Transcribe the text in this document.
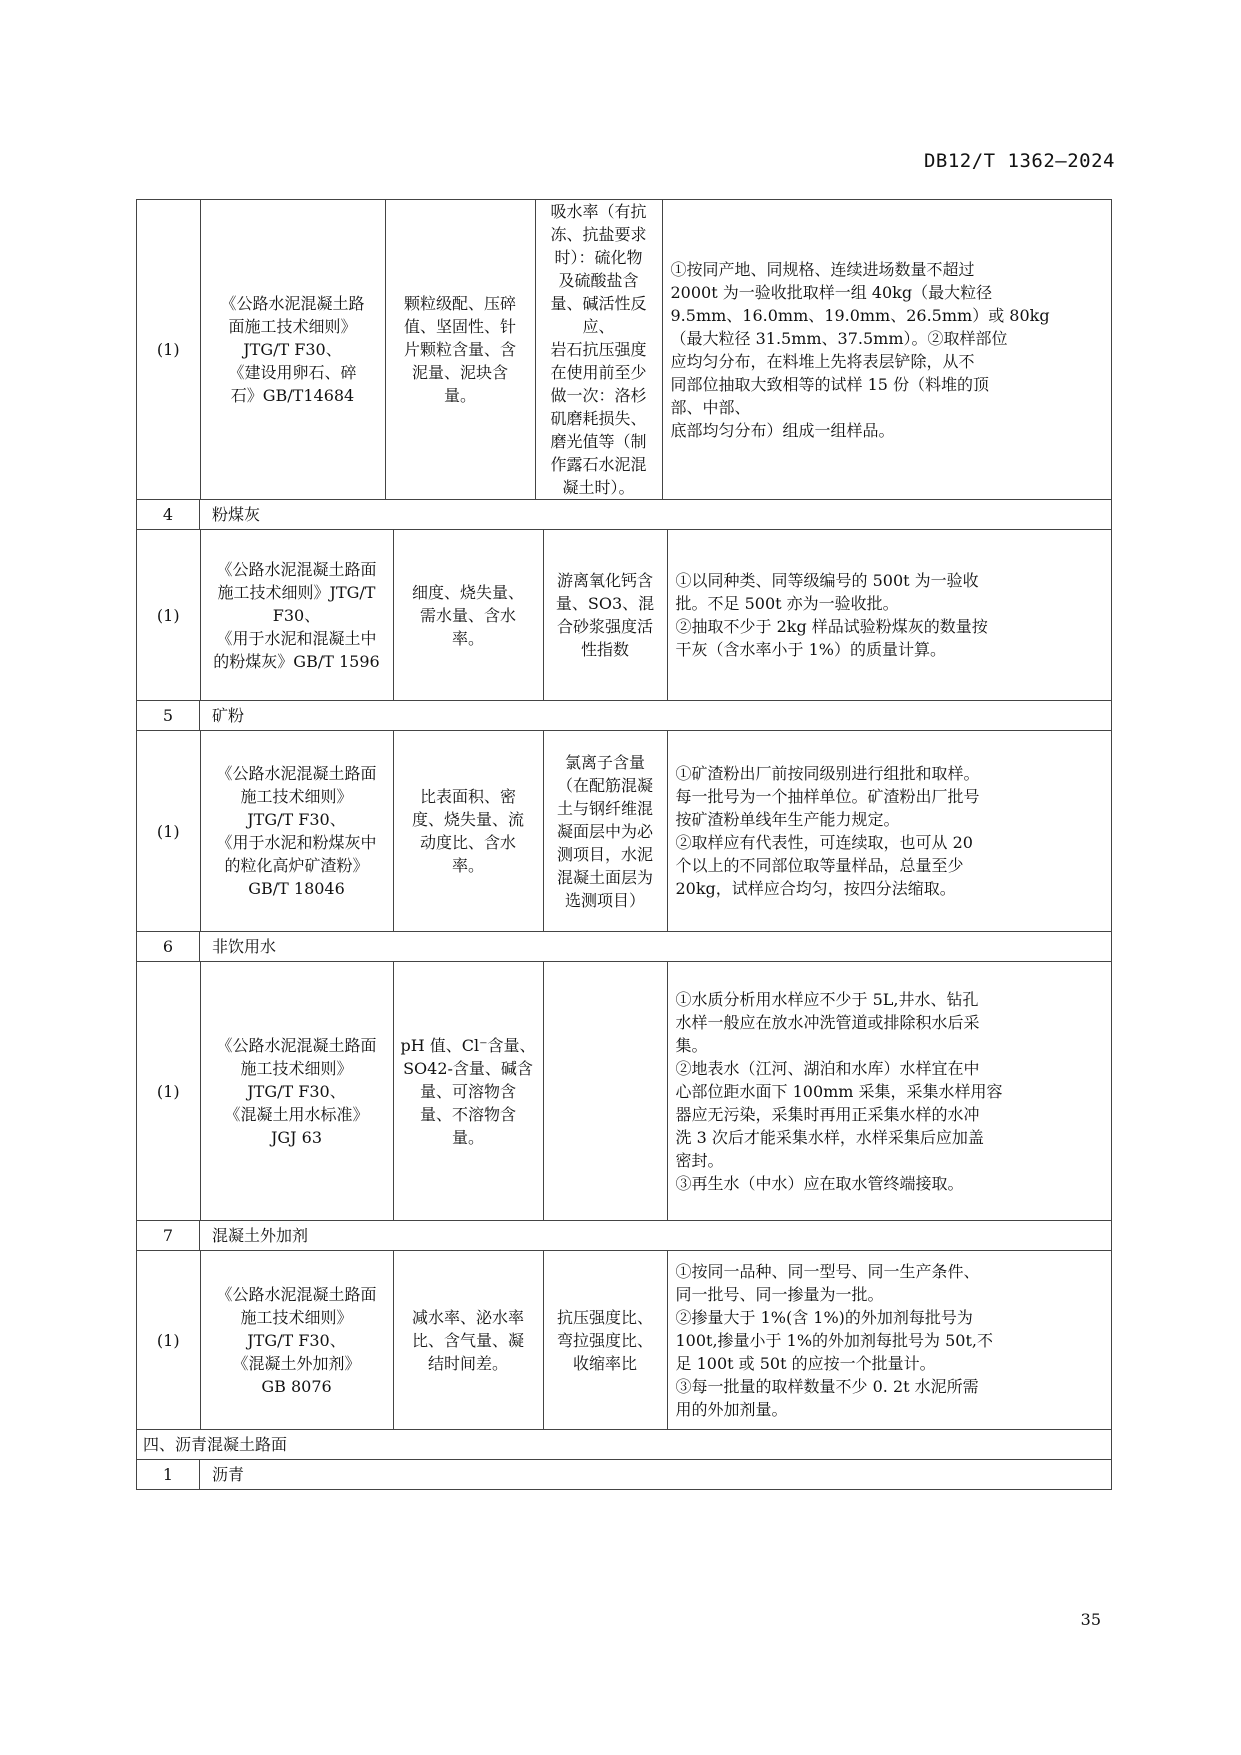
DB12/T 1362—2024
(1)	《公路水泥混凝土路
面施工技术细则》
JTG/T F30、
《建设用卵石、碎
石》GB/T14684	颗粒级配、压碎
值、坚固性、针
片颗粒含量、含
泥量、泥块含
量。	吸水率（有抗
冻、抗盐要求
时）：硫化物
及硫酸盐含
量、碱活性反
应、
岩石抗压强度
在使用前至少
做一次：洛杉
矶磨耗损失、
磨光值等（制
作露石水泥混
凝土时）。	①按同产地、同规格、连续进场数量不超过
2000t 为一验收批取样一组 40kg（最大粒径
9.5mm、16.0mm、19.0mm、26.5mm）或 80kg
（最大粒径 31.5mm、37.5mm）。②取样部位
应均匀分布，在料堆上先将表层铲除，从不
同部位抽取大致相等的试样 15 份（料堆的顶
部、中部、
底部均匀分布）组成一组样品。

4	粉煤灰

(1)	《公路水泥混凝土路面
施工技术细则》JTG/T
F30、
《用于水泥和混凝土中
的粉煤灰》GB/T 1596	细度、烧失量、
需水量、含水
率。	游离氧化钙含
量、SO3、混
合砂浆强度活
性指数	①以同种类、同等级编号的 500t 为一验收
批。不足 500t 亦为一验收批。
②抽取不少于 2kg 样品试验粉煤灰的数量按
干灰（含水率小于 1%）的质量计算。

5	矿粉

(1)	《公路水泥混凝土路面
施工技术细则》
JTG/T F30、
《用于水泥和粉煤灰中
的粒化高炉矿渣粉》
GB/T 18046	比表面积、密
度、烧失量、流
动度比、含水
率。	氯离子含量
（在配筋混凝
土与钢纤维混
凝面层中为必
测项目，水泥
混凝土面层为
选测项目）	①矿渣粉出厂前按同级别进行组批和取样。
每一批号为一个抽样单位。矿渣粉出厂批号
按矿渣粉单线年生产能力规定。
②取样应有代表性，可连续取，也可从 20
个以上的不同部位取等量样品，总量至少
20kg，试样应合均匀，按四分法缩取。

6	非饮用水

(1)	《公路水泥混凝土路面
施工技术细则》
JTG/T F30、
《混凝土用水标准》
JGJ 63	pH 值、Cl⁻含量、
SO42-含量、碱含
量、可溶物含
量、不溶物含
量。		①水质分析用水样应不少于 5L,井水、钻孔
水样一般应在放水冲洗管道或排除积水后采
集。
②地表水（江河、湖泊和水库）水样宜在中
心部位距水面下 100mm 采集，采集水样用容
器应无污染，采集时再用正采集水样的水冲
洗 3 次后才能采集水样，水样采集后应加盖
密封。
③再生水（中水）应在取水管终端接取。

7	混凝土外加剂

(1)	《公路水泥混凝土路面
施工技术细则》
JTG/T F30、
《混凝土外加剂》
GB 8076	减水率、泌水率
比、含气量、凝
结时间差。	抗压强度比、
弯拉强度比、
收缩率比	①按同一品种、同一型号、同一生产条件、
同一批号、同一掺量为一批。
②掺量大于 1%(含 1%)的外加剂每批号为
100t,掺量小于 1%的外加剂每批号为 50t,不
足 100t 或 50t 的应按一个批量计。
③每一批量的取样数量不少 0. 2t 水泥所需
用的外加剂量。

四、沥青混凝土路面
1	沥青
35
